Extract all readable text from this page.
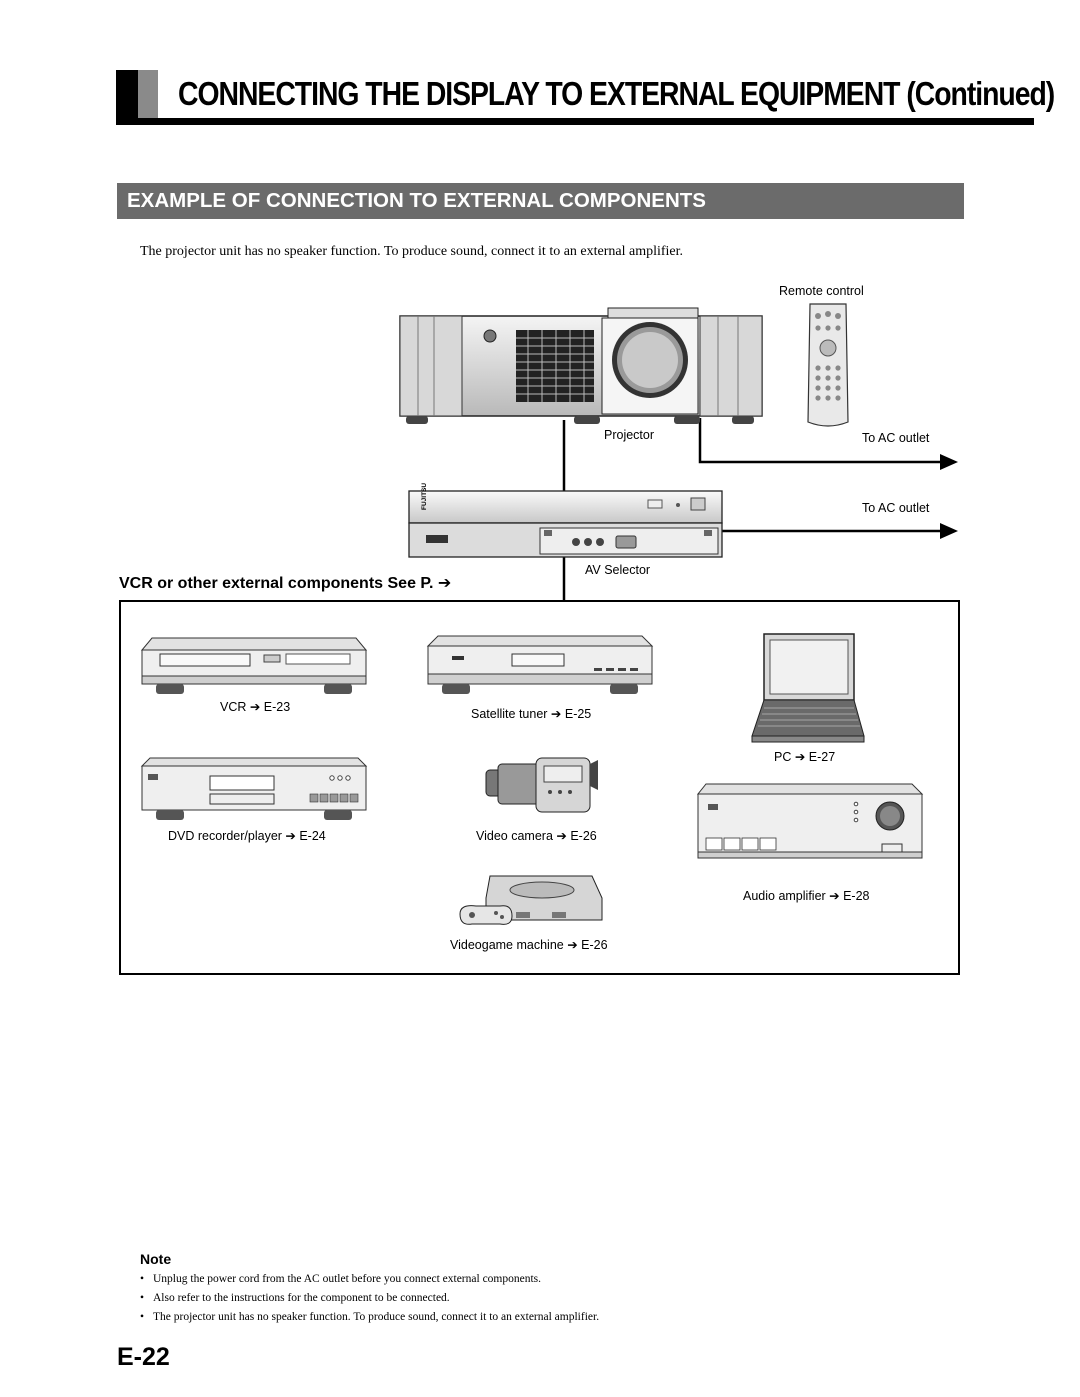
CONNECTING THE DISPLAY TO EXTERNAL EQUIPMENT (Continued)
EXAMPLE OF CONNECTION TO EXTERNAL COMPONENTS
The projector unit has no speaker function. To produce sound, connect it to an external amplifier.
FUJITSU
Remote control
Projector	To AC outlet
To AC outlet
AV Selector
VCR or other external components See P. ➔
VCR ➔ E-23	Satellite tuner ➔ E-25
PC ➔ E-27
DVD recorder/player ➔ E-24	Video camera ➔ E-26
Audio amplifier ➔ E-28
Videogame machine ➔ E-26
Note
• Unplug the power cord from the AC outlet before you connect external components.
• Also refer to the instructions for the component to be connected.
• The projector unit has no speaker function. To produce sound, connect it to an external amplifier.
E-22
